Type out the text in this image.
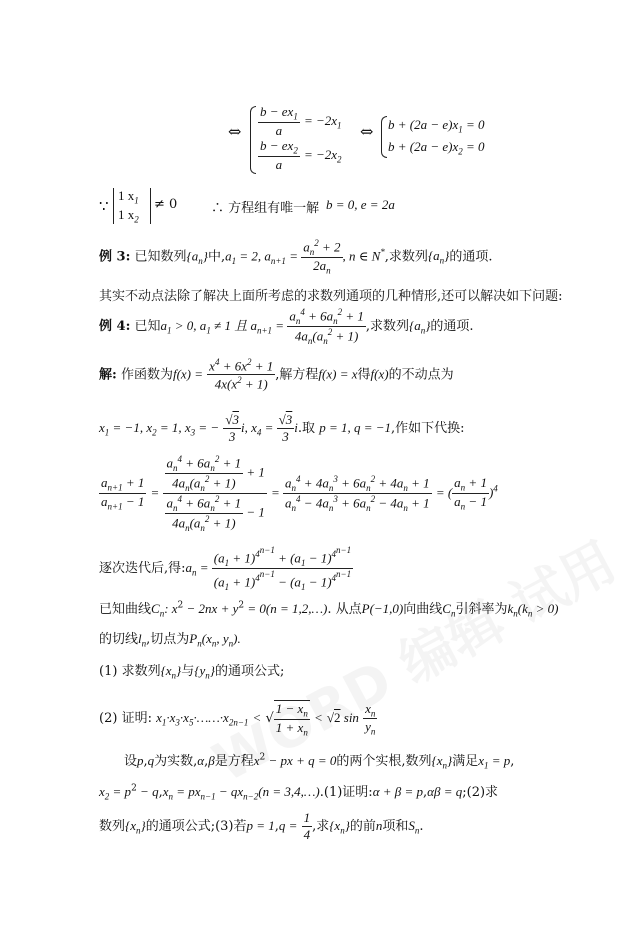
⇔ $\frac{b - ex_1}{a} = -2x_1$
$\frac{b - ex_2}{a} = -2x_2$
⇔ $b + (2a - e)x_1 = 0$
$b + (2a - e)x_2 = 0$
∵
1 $x_1$
1 $x_2$
≠ 0	∴ 方程组有唯一解 b = 0, e = 2a
例 3: 已知数列$\{a_n\}$中$,a_1 = 2$, $a_{n+1} = \frac{a_n^2 + 2}{2a_n}$ , n ∈ N*,求数列$\{a_n\}$的通项.
其实不动点法除了解决上面所考虑的求数列通项的几种情形,还可以解决如下问题:
例 4: 已知$a_1 > 0$, $a_1 \ne 1$ 且 $a_{n+1} = \frac{a_n^4 + 6a_n^2 + 1}{4a_n(a_n^2 + 1)}$ ,求数列$\{a_n\}$的通项.
解: 作函数为$f(x) = \frac{x^4 + 6x^2 + 1}{4x(x^2 + 1)}$ ,解方程f(x) = x得f(x)的不动点为
$x_1 = -1$, $x_2 = 1$, $x_3$ = − $\frac{√3}{3} i$, $x_4 = \frac{√3}{3} i$.取 p = 1, q = −1,作如下代换:
$\frac{a_{n+1} + 1}{a_{n+1} - 1} = \frac{\frac{a_n^4 + 6a_n^2 + 1}{4a_n(a_n^2 + 1)} + 1}{\frac{a_n^4 + 6a_n^2 + 1}{4a_n(a_n^2 + 1)} - 1} = \frac{a_n^4 + 4a_n^3 + 6a_n^2 + 4a_n + 1}{a_n^4 - 4a_n^3 + 6a_n^2 - 4a_n + 1}$ = ( $\frac{a_n + 1}{a_n - 1} )^4$
逐次迭代后,得$:a_n = \frac{(a_1 + 1)^{4^{n-1}} + (a_1 - 1)^{4^{n-1}}}{(a_1 + 1)^{4^{n-1}} - (a_1 - 1)^{4^{n-1}}}$
已知曲线$C_n$: $x^2 - 2nx + y^2 = 0(n$ = 1,2,…). 从点P(−1,0)向曲线$C_n$引斜率为$k_n(k_n > 0)$
的切线$l_n$,切点为$P_n(x_n$, $y_n$).
(1) 求数列$\{x_n\}$与$\{y_n\}$的通项公式;
(2) 证明: $x_1\cdot x_3\cdot x_5\cdot\dots\dots\cdot x_{2n-1}$ < √ $\frac{1 - x_n}{1 + x_n} < √2$ $\sin \frac{x_n}{y_n}$
设p,q为实数,α,β是方程$x^2$ − px + q = 0的两个实根,数列$\{x_n\}$满足$x_1 = p$,
$x_2 = p^2 - q,x_n = px_{n-1} - qx_{n-2}(n$ = 3,4,…).(1)证明:α + β = p,αβ = q;(2)求
数列$\{x_n\}$的通项公式;(3)若$p = 1,q = \frac{1}{4}$ ,求$\{x_n\}$的前n项和$S_n$.
